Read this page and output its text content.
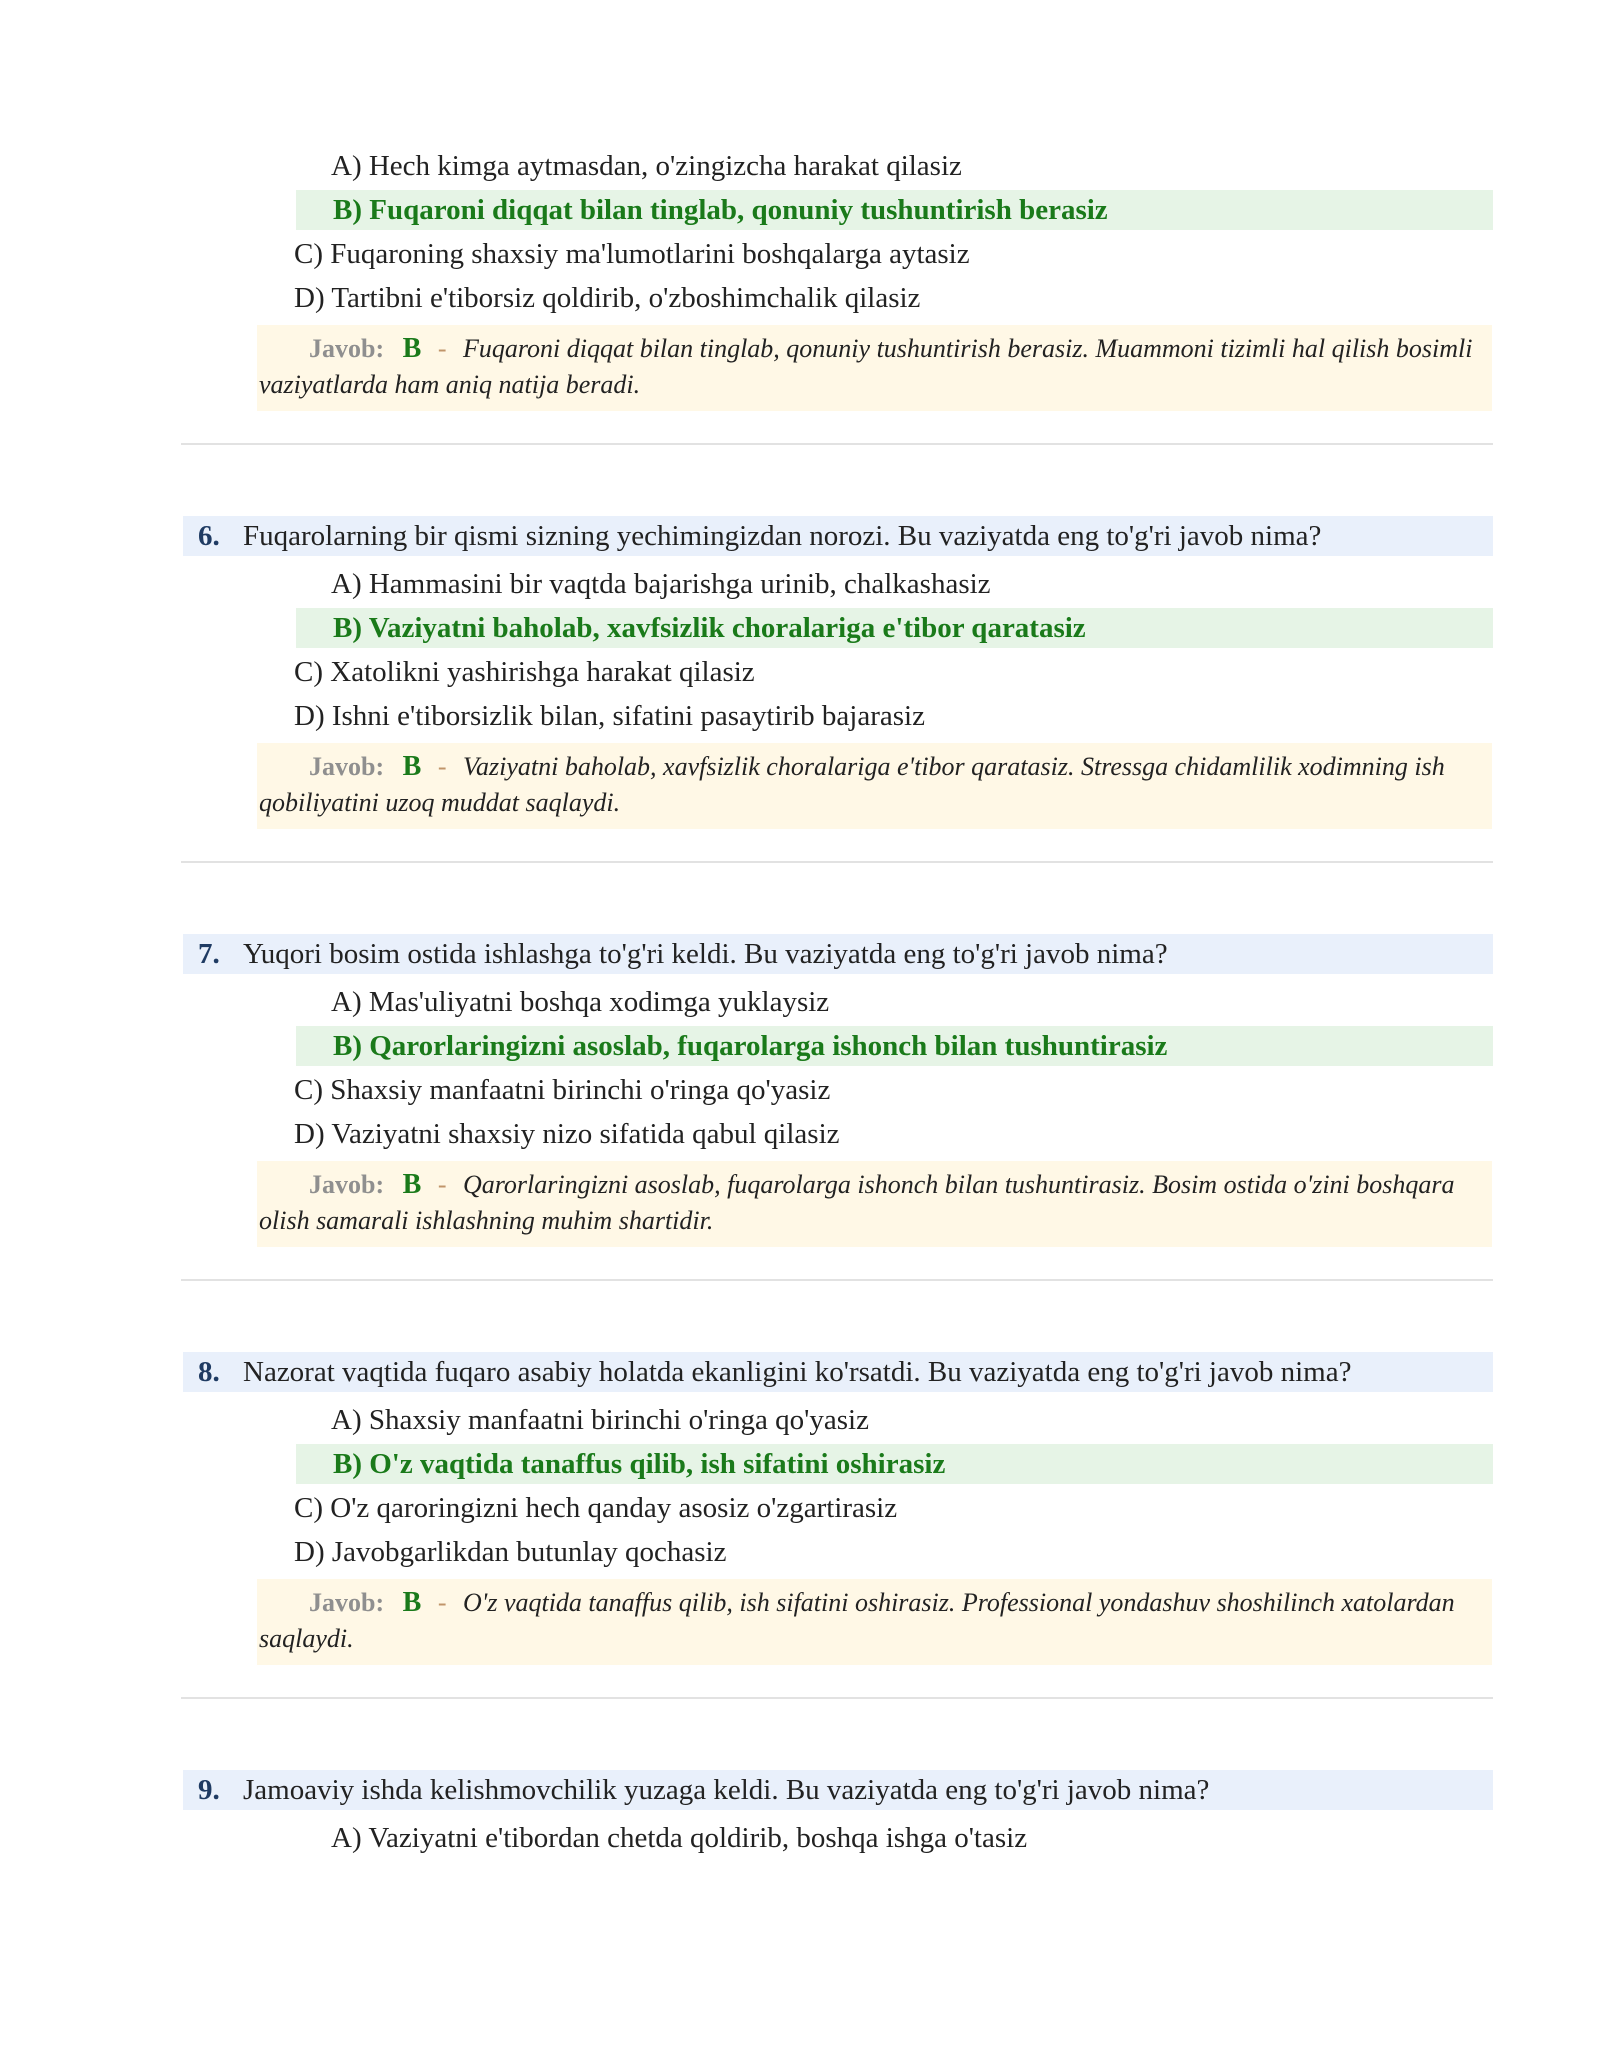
A) Hech kimga aytmasdan, o'zingizcha harakat qilasiz
B) Fuqaroni diqqat bilan tinglab, qonuniy tushuntirish berasiz
C) Fuqaroning shaxsiy ma'lumotlarini boshqalarga aytasiz
D) Tartibni e'tiborsiz qoldirib, o'zboshimchalik qilasiz
Javob: B - Fuqaroni diqqat bilan tinglab, qonuniy tushuntirish berasiz. Muammoni tizimli hal qilish bosimli vaziyatlarda ham aniq natija beradi.
6. Fuqarolarning bir qismi sizning yechimingizdan norozi. Bu vaziyatda eng to'g'ri javob nima?
A) Hammasini bir vaqtda bajarishga urinib, chalkashasiz
B) Vaziyatni baholab, xavfsizlik choralariga e'tibor qaratasiz
C) Xatolikni yashirishga harakat qilasiz
D) Ishni e'tiborsizlik bilan, sifatini pasaytirib bajarasiz
Javob: B - Vaziyatni baholab, xavfsizlik choralariga e'tibor qaratasiz. Stressga chidamlilik xodimning ish qobiliyatini uzoq muddat saqlaydi.
7. Yuqori bosim ostida ishlashga to'g'ri keldi. Bu vaziyatda eng to'g'ri javob nima?
A) Mas'uliyatni boshqa xodimga yuklaysiz
B) Qarorlaringizni asoslab, fuqarolarga ishonch bilan tushuntirasiz
C) Shaxsiy manfaatni birinchi o'ringa qo'yasiz
D) Vaziyatni shaxsiy nizo sifatida qabul qilasiz
Javob: B - Qarorlaringizni asoslab, fuqarolarga ishonch bilan tushuntirasiz. Bosim ostida o'zini boshqara olish samarali ishlashning muhim shartidir.
8. Nazorat vaqtida fuqaro asabiy holatda ekanligini ko'rsatdi. Bu vaziyatda eng to'g'ri javob nima?
A) Shaxsiy manfaatni birinchi o'ringa qo'yasiz
B) O'z vaqtida tanaffus qilib, ish sifatini oshirasiz
C) O'z qaroringizni hech qanday asosiz o'zgartirasiz
D) Javobgarlikdan butunlay qochasiz
Javob: B - O'z vaqtida tanaffus qilib, ish sifatini oshirasiz. Professional yondashuv shoshilinch xatolardan saqlaydi.
9. Jamoaviy ishda kelishmovchilik yuzaga keldi. Bu vaziyatda eng to'g'ri javob nima?
A) Vaziyatni e'tibordan chetda qoldirib, boshqa ishga o'tasiz
